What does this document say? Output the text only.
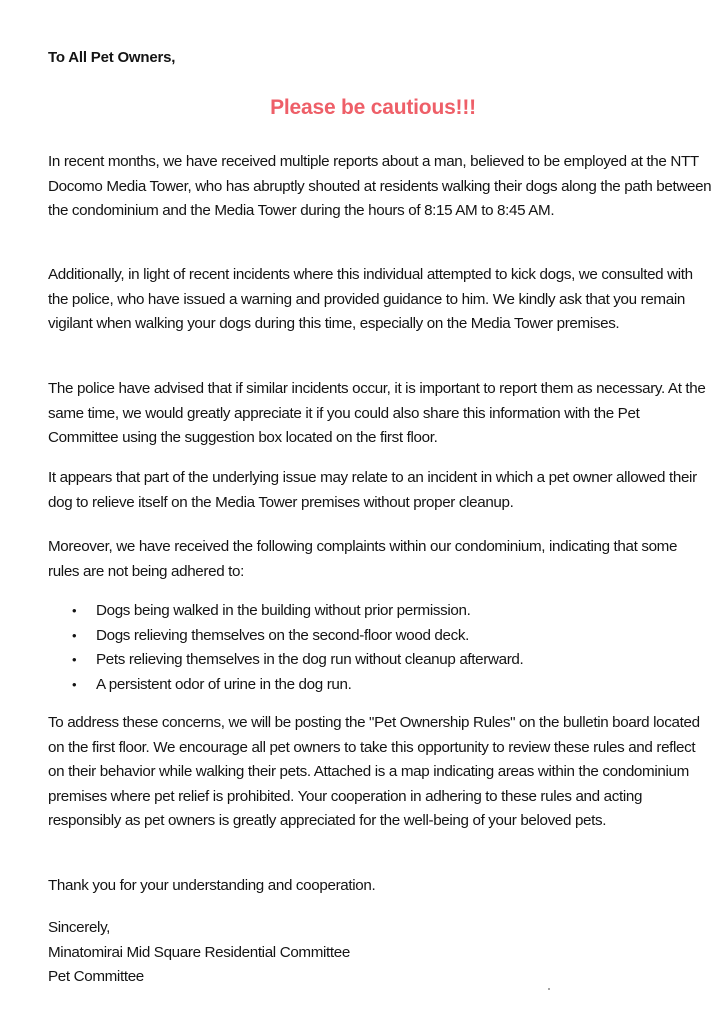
To All Pet Owners,
Please be cautious!!!

In recent months, we have received multiple reports about a man, believed to be employed at the NTT Docomo Media Tower, who has abruptly shouted at residents walking their dogs along the path between the condominium and the Media Tower during the hours of 8:15 AM to 8:45 AM.

Additionally, in light of recent incidents where this individual attempted to kick dogs, we consulted with the police, who have issued a warning and provided guidance to him. We kindly ask that you remain vigilant when walking your dogs during this time, especially on the Media Tower premises.

The police have advised that if similar incidents occur, it is important to report them as necessary. At the same time, we would greatly appreciate it if you could also share this information with the Pet Committee using the suggestion box located on the first floor.

It appears that part of the underlying issue may relate to an incident in which a pet owner allowed their dog to relieve itself on the Media Tower premises without proper cleanup.

Moreover, we have received the following complaints within our condominium, indicating that some rules are not being adhered to:

• Dogs being walked in the building without prior permission.
• Dogs relieving themselves on the second-floor wood deck.
• Pets relieving themselves in the dog run without cleanup afterward.
• A persistent odor of urine in the dog run.

To address these concerns, we will be posting the "Pet Ownership Rules" on the bulletin board located on the first floor. We encourage all pet owners to take this opportunity to review these rules and reflect on their behavior while walking their pets. Attached is a map indicating areas within the condominium premises where pet relief is prohibited. Your cooperation in adhering to these rules and acting responsibly as pet owners is greatly appreciated for the well-being of your beloved pets.

Thank you for your understanding and cooperation.

Sincerely,
Minatomirai Mid Square Residential Committee
Pet Committee
